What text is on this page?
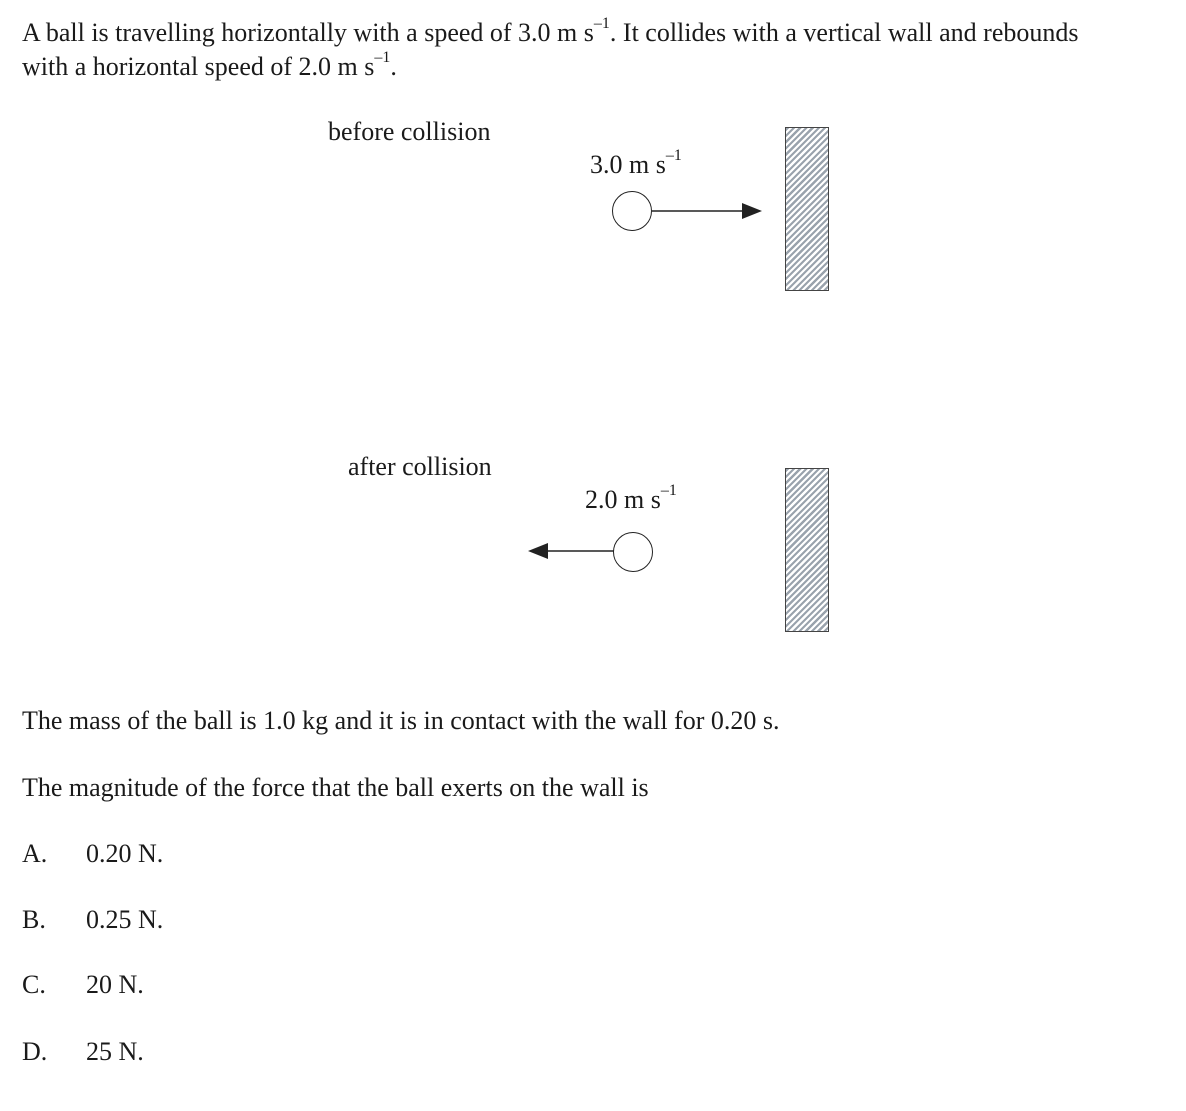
A ball is travelling horizontally with a speed of 3.0 m $s^{-1}$. It collides with a vertical wall and rebounds
with a horizontal speed of 2.0 m $s^{-1}$.
before collision
3.0 m $s^{-1}$
after collision
2.0 m $s^{-1}$
The mass of the ball is 1.0 kg and it is in contact with the wall for 0.20 s.
The magnitude of the force that the ball exerts on the wall is
A. 0.20 N.
B. 0.25 N.
C. 20 N.
D. 25 N.
